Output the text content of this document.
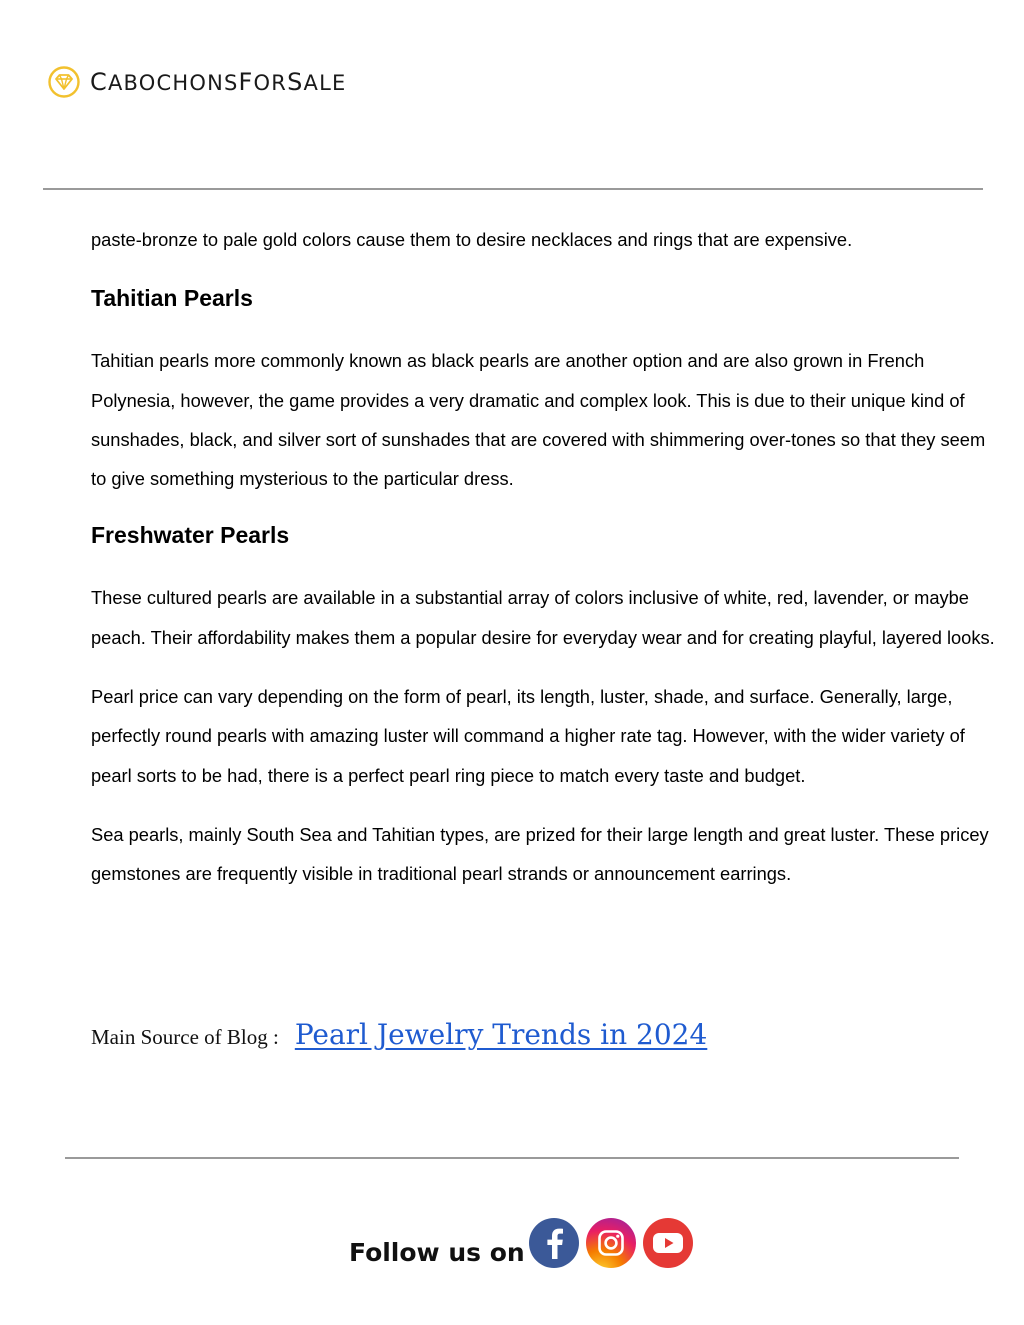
CABOCHONSFORSALE

paste-bronze to pale gold colors cause them to desire necklaces and rings that are expensive.

Tahitian Pearls

Tahitian pearls more commonly known as black pearls are another option and are also grown in French Polynesia, however, the game provides a very dramatic and complex look. This is due to their unique kind of sunshades, black, and silver sort of sunshades that are covered with shimmering over-tones so that they seem to give something mysterious to the particular dress.

Freshwater Pearls

These cultured pearls are available in a substantial array of colors inclusive of white, red, lavender, or maybe peach. Their affordability makes them a popular desire for everyday wear and for creating playful, layered looks.

Pearl price can vary depending on the form of pearl, its length, luster, shade, and surface. Generally, large, perfectly round pearls with amazing luster will command a higher rate tag. However, with the wider variety of pearl sorts to be had, there is a perfect pearl ring piece to match every taste and budget.

Sea pearls, mainly South Sea and Tahitian types, are prized for their large length and great luster. These pricey gemstones are frequently visible in traditional pearl strands or announcement earrings.

Main Source of Blog : Pearl Jewelry Trends in 2024
Follow us on
